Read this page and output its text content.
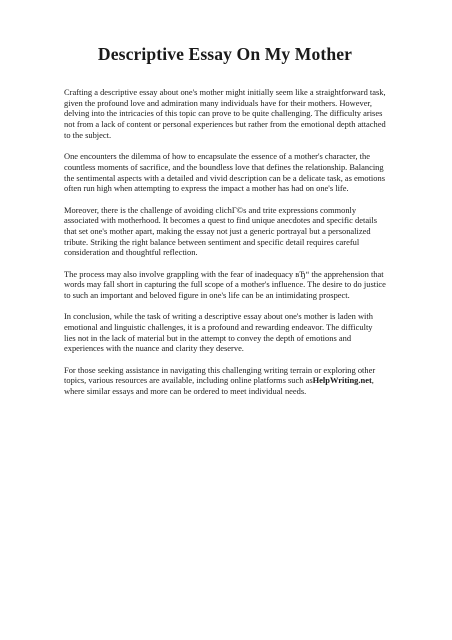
Descriptive Essay On My Mother

Crafting a descriptive essay about one's mother might initially seem like a straightforward task, given the profound love and admiration many individuals have for their mothers. However, delving into the intricacies of this topic can prove to be quite challenging. The difficulty arises not from a lack of content or personal experiences but rather from the emotional depth attached to the subject.

One encounters the dilemma of how to encapsulate the essence of a mother's character, the countless moments of sacrifice, and the boundless love that defines the relationship. Balancing the sentimental aspects with a detailed and vivid description can be a delicate task, as emotions often run high when attempting to express the impact a mother has had on one's life.

Moreover, there is the challenge of avoiding clichГ©s and trite expressions commonly associated with motherhood. It becomes a quest to find unique anecdotes and specific details that set one's mother apart, making the essay not just a generic portrayal but a personalized tribute. Striking the right balance between sentiment and specific detail requires careful consideration and thoughtful reflection.

The process may also involve grappling with the fear of inadequacy вЂ“ the apprehension that words may fall short in capturing the full scope of a mother's influence. The desire to do justice to such an important and beloved figure in one's life can be an intimidating prospect.

In conclusion, while the task of writing a descriptive essay about one's mother is laden with emotional and linguistic challenges, it is a profound and rewarding endeavor. The difficulty lies not in the lack of material but in the attempt to convey the depth of emotions and experiences with the nuance and clarity they deserve.

For those seeking assistance in navigating this challenging writing terrain or exploring other topics, various resources are available, including online platforms such asHelpWriting.net, where similar essays and more can be ordered to meet individual needs.
